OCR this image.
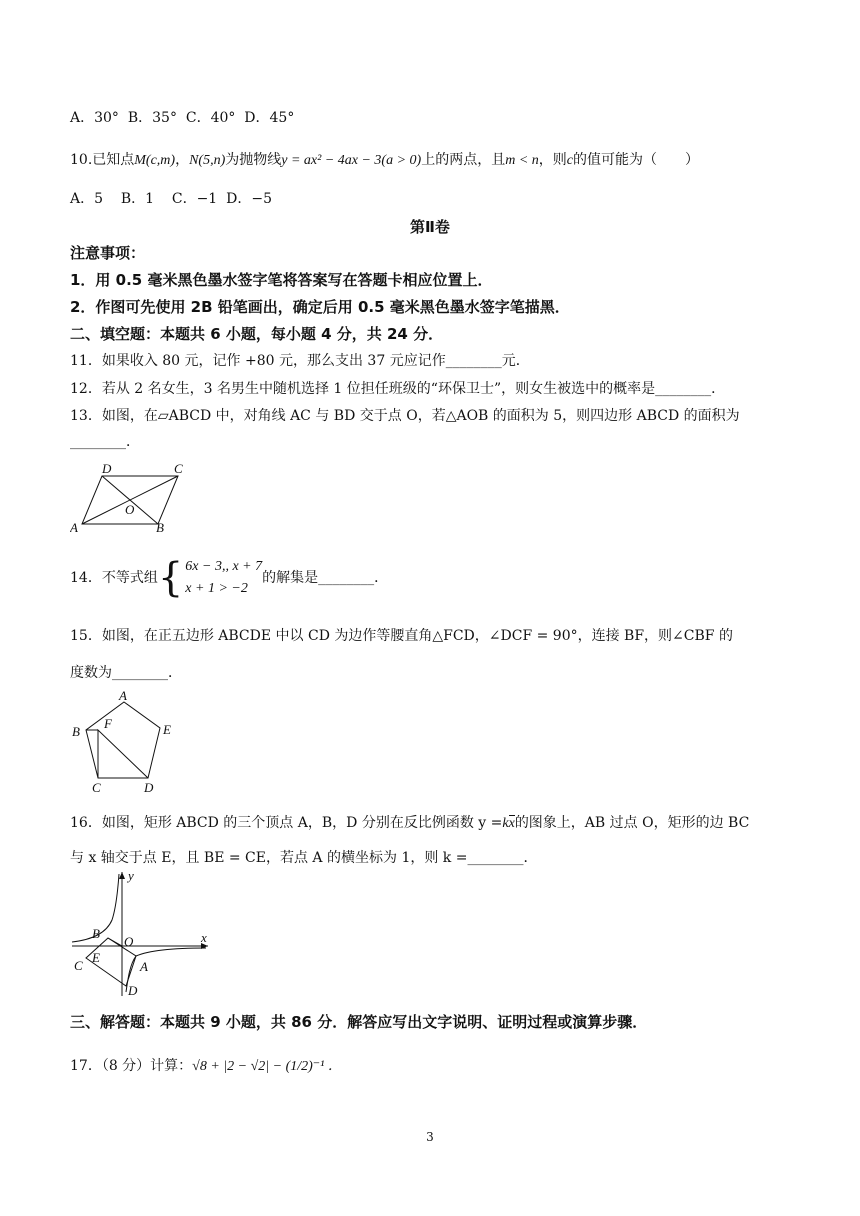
A．30° B．35° C．40° D．45°
10.已知点M(c,m)，N(5,n)为抛物线y = ax² − 4ax − 3(a > 0)上的两点，且m < n，则c的值可能为（　　）
A．5 B．1 C．−1 D．−5
第Ⅱ卷
注意事项：
1．用 0.5 毫米黑色墨水签字笔将答案写在答题卡相应位置上．
2．作图可先使用 2B 铅笔画出，确定后用 0.5 毫米黑色墨水签字笔描黑．
二、填空题：本题共 6 小题，每小题 4 分，共 24 分．
11．如果收入 80 元，记作 +80 元，那么支出 37 元应记作________元．
12．若从 2 名女生，3 名男生中随机选择 1 位担任班级的“环保卫士”，则女生被选中的概率是________．
13．如图，在▱ABCD 中，对角线 AC 与 BD 交于点 O，若△AOB 的面积为 5，则四边形 ABCD 的面积为
________．
D	C
O
A	B
14．不等式组{ 6x − 3,, x + 7
x + 1 > −2
的解集是________．
15．如图，在正五边形 ABCDE 中以 CD 为边作等腰直角△FCD，∠DCF = 90°，连接 BF，则∠CBF 的
度数为________．
A
F
B	E
C	D
16．如图，矩形 ABCD 的三个顶点 A，B，D 分别在反比例函数 y =kx的图象上，AB 过点 O，矩形的边 BC
与 x 轴交于点 E，且 BE = CE，若点 A 的横坐标为 1，则 k =________．
y
B
O	x
C
E
A
D
三、解答题：本题共 9 小题，共 86 分．解答应写出文字说明、证明过程或演算步骤．
17．（8 分）计算：√8 + |2 − √2| − (1/2)⁻¹ ．
3
